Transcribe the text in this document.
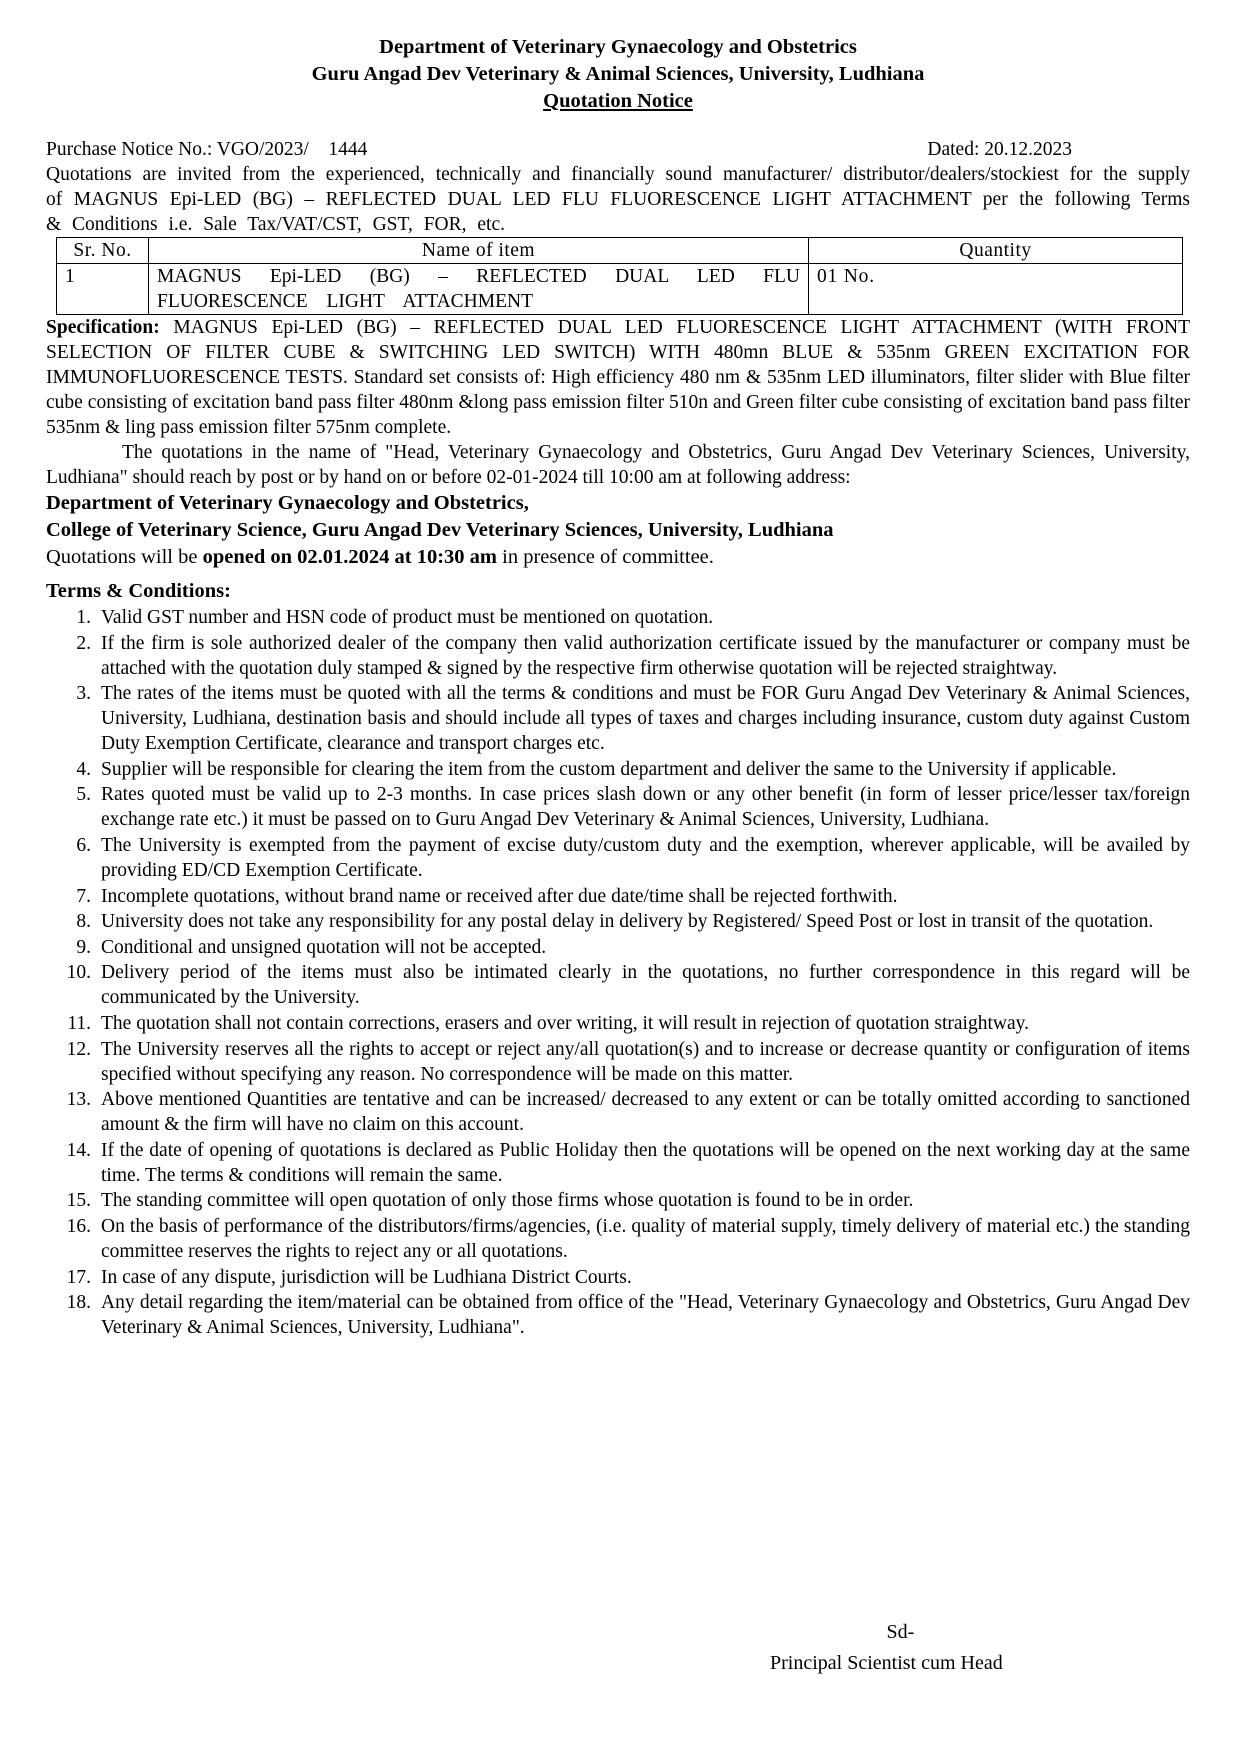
Department of Veterinary Gynaecology and Obstetrics
Guru Angad Dev Veterinary & Animal Sciences, University, Ludhiana
Quotation Notice
Purchase Notice No.: VGO/2023/    1444	Dated: 20.12.2023

Quotations are invited from the experienced, technically and financially sound manufacturer/ distributor/dealers/stockiest for the supply of MAGNUS Epi-LED (BG) – REFLECTED DUAL LED FLU FLUORESCENCE LIGHT ATTACHMENT per the following Terms & Conditions i.e. Sale Tax/VAT/CST, GST, FOR, etc.

Sr. No.	Name of item	Quantity
1	MAGNUS Epi-LED (BG) – REFLECTED DUAL LED FLU FLUORESCENCE LIGHT ATTACHMENT	01 No.

Specification: MAGNUS Epi-LED (BG) – REFLECTED DUAL LED FLUORESCENCE LIGHT ATTACHMENT (WITH FRONT SELECTION OF FILTER CUBE & SWITCHING LED SWITCH) WITH 480mn BLUE & 535nm GREEN EXCITATION FOR IMMUNOFLUORESCENCE TESTS. Standard set consists of: High efficiency 480 nm & 535nm LED illuminators, filter slider with Blue filter cube consisting of excitation band pass filter 480nm &long pass emission filter 510n and Green filter cube consisting of excitation band pass filter 535nm & ling pass emission filter 575nm complete.

The quotations in the name of "Head, Veterinary Gynaecology and Obstetrics, Guru Angad Dev Veterinary Sciences, University, Ludhiana" should reach by post or by hand on or before 02-01-2024 till 10:00 am at following address:

Department of Veterinary Gynaecology and Obstetrics,
College of Veterinary Science, Guru Angad Dev Veterinary Sciences, University, Ludhiana
Quotations will be opened on 02.01.2024 at 10:30 am in presence of committee.
Terms & Conditions:
1. Valid GST number and HSN code of product must be mentioned on quotation.
2. If the firm is sole authorized dealer of the company then valid authorization certificate issued by the manufacturer or company must be attached with the quotation duly stamped & signed by the respective firm otherwise quotation will be rejected straightway.
3. The rates of the items must be quoted with all the terms & conditions and must be FOR Guru Angad Dev Veterinary & Animal Sciences, University, Ludhiana, destination basis and should include all types of taxes and charges including insurance, custom duty against Custom Duty Exemption Certificate, clearance and transport charges etc.
4. Supplier will be responsible for clearing the item from the custom department and deliver the same to the University if applicable.
5. Rates quoted must be valid up to 2-3 months. In case prices slash down or any other benefit (in form of lesser price/lesser tax/foreign exchange rate etc.) it must be passed on to Guru Angad Dev Veterinary & Animal Sciences, University, Ludhiana.
6. The University is exempted from the payment of excise duty/custom duty and the exemption, wherever applicable, will be availed by providing ED/CD Exemption Certificate.
7. Incomplete quotations, without brand name or received after due date/time shall be rejected forthwith.
8. University does not take any responsibility for any postal delay in delivery by Registered/ Speed Post or lost in transit of the quotation.
9. Conditional and unsigned quotation will not be accepted.
10. Delivery period of the items must also be intimated clearly in the quotations, no further correspondence in this regard will be communicated by the University.
11. The quotation shall not contain corrections, erasers and over writing, it will result in rejection of quotation straightway.
12. The University reserves all the rights to accept or reject any/all quotation(s) and to increase or decrease quantity or configuration of items specified without specifying any reason. No correspondence will be made on this matter.
13. Above mentioned Quantities are tentative and can be increased/ decreased to any extent or can be totally omitted according to sanctioned amount & the firm will have no claim on this account.
14. If the date of opening of quotations is declared as Public Holiday then the quotations will be opened on the next working day at the same time. The terms & conditions will remain the same.
15. The standing committee will open quotation of only those firms whose quotation is found to be in order.
16. On the basis of performance of the distributors/firms/agencies, (i.e. quality of material supply, timely delivery of material etc.) the standing committee reserves the rights to reject any or all quotations.
17. In case of any dispute, jurisdiction will be Ludhiana District Courts.
18. Any detail regarding the item/material can be obtained from office of the "Head, Veterinary Gynaecology and Obstetrics, Guru Angad Dev Veterinary & Animal Sciences, University, Ludhiana".
Sd-
Principal Scientist cum Head
